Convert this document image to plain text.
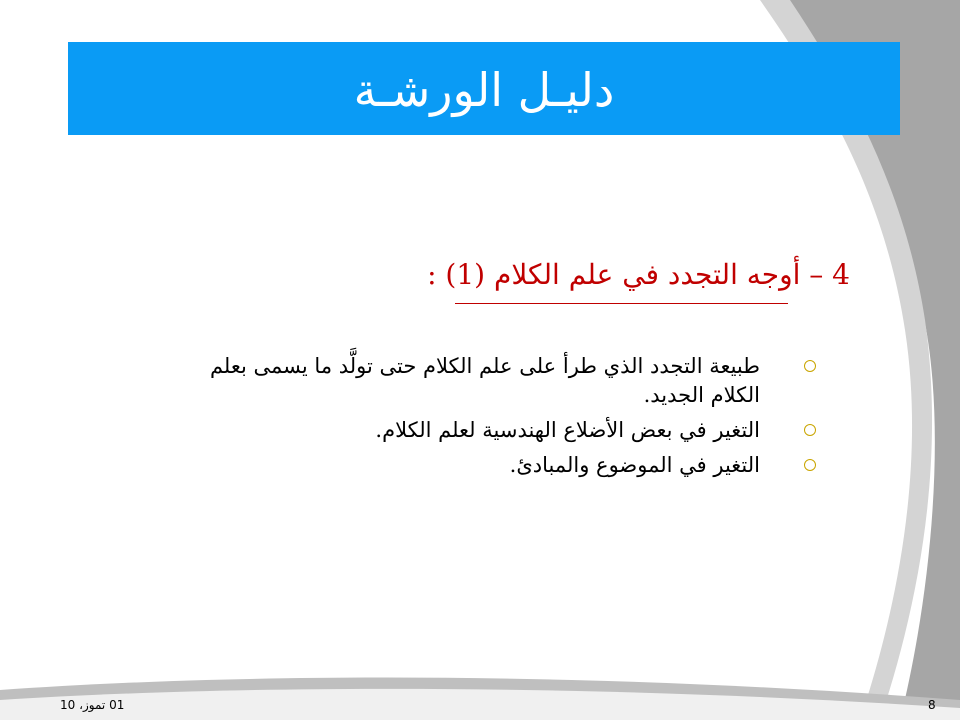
دليـل الورشـة
4 – أوجه التجدد في علم الكلام (1) :
طبيعة التجدد الذي طرأ على علم الكلام حتى تولَّد ما يسمى بعلم الكلام الجديد.
التغير في بعض الأضلاع الهندسية لعلم الكلام.
التغير في الموضوع والمبادئ.
01 تموز، 10	8
